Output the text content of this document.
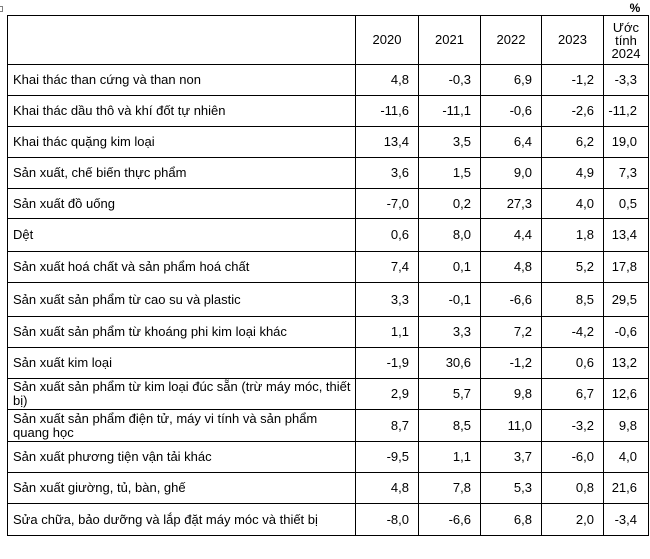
%
	2020	2021	2022	2023	Ước tính 2024

Khai thác than cứng và than non	4,8	-0,3	6,9	-1,2	-3,3
Khai thác dầu thô và khí đốt tự nhiên	-11,6	-11,1	-0,6	-2,6	-11,2
Khai thác quặng kim loại	13,4	3,5	6,4	6,2	19,0
Sản xuất, chế biến thực phẩm	3,6	1,5	9,0	4,9	7,3
Sản xuất đồ uống	-7,0	0,2	27,3	4,0	0,5
Dệt	0,6	8,0	4,4	1,8	13,4
Sản xuất hoá chất và sản phẩm hoá chất	7,4	0,1	4,8	5,2	17,8
Sản xuất sản phẩm từ cao su và plastic	3,3	-0,1	-6,6	8,5	29,5
Sản xuất sản phẩm từ khoáng phi kim loại khác	1,1	3,3	7,2	-4,2	-0,6
Sản xuất kim loại	-1,9	30,6	-1,2	0,6	13,2
Sản xuất sản phẩm từ kim loại đúc sẵn (trừ máy móc, thiết bị)	2,9	5,7	9,8	6,7	12,6
Sản xuất sản phẩm điện tử, máy vi tính và sản phẩm quang học	8,7	8,5	11,0	-3,2	9,8
Sản xuất phương tiện vận tải khác	-9,5	1,1	3,7	-6,0	4,0
Sản xuất giường, tủ, bàn, ghế	4,8	7,8	5,3	0,8	21,6
Sửa chữa, bảo dưỡng và lắp đặt máy móc và thiết bị	-8,0	-6,6	6,8	2,0	-3,4
